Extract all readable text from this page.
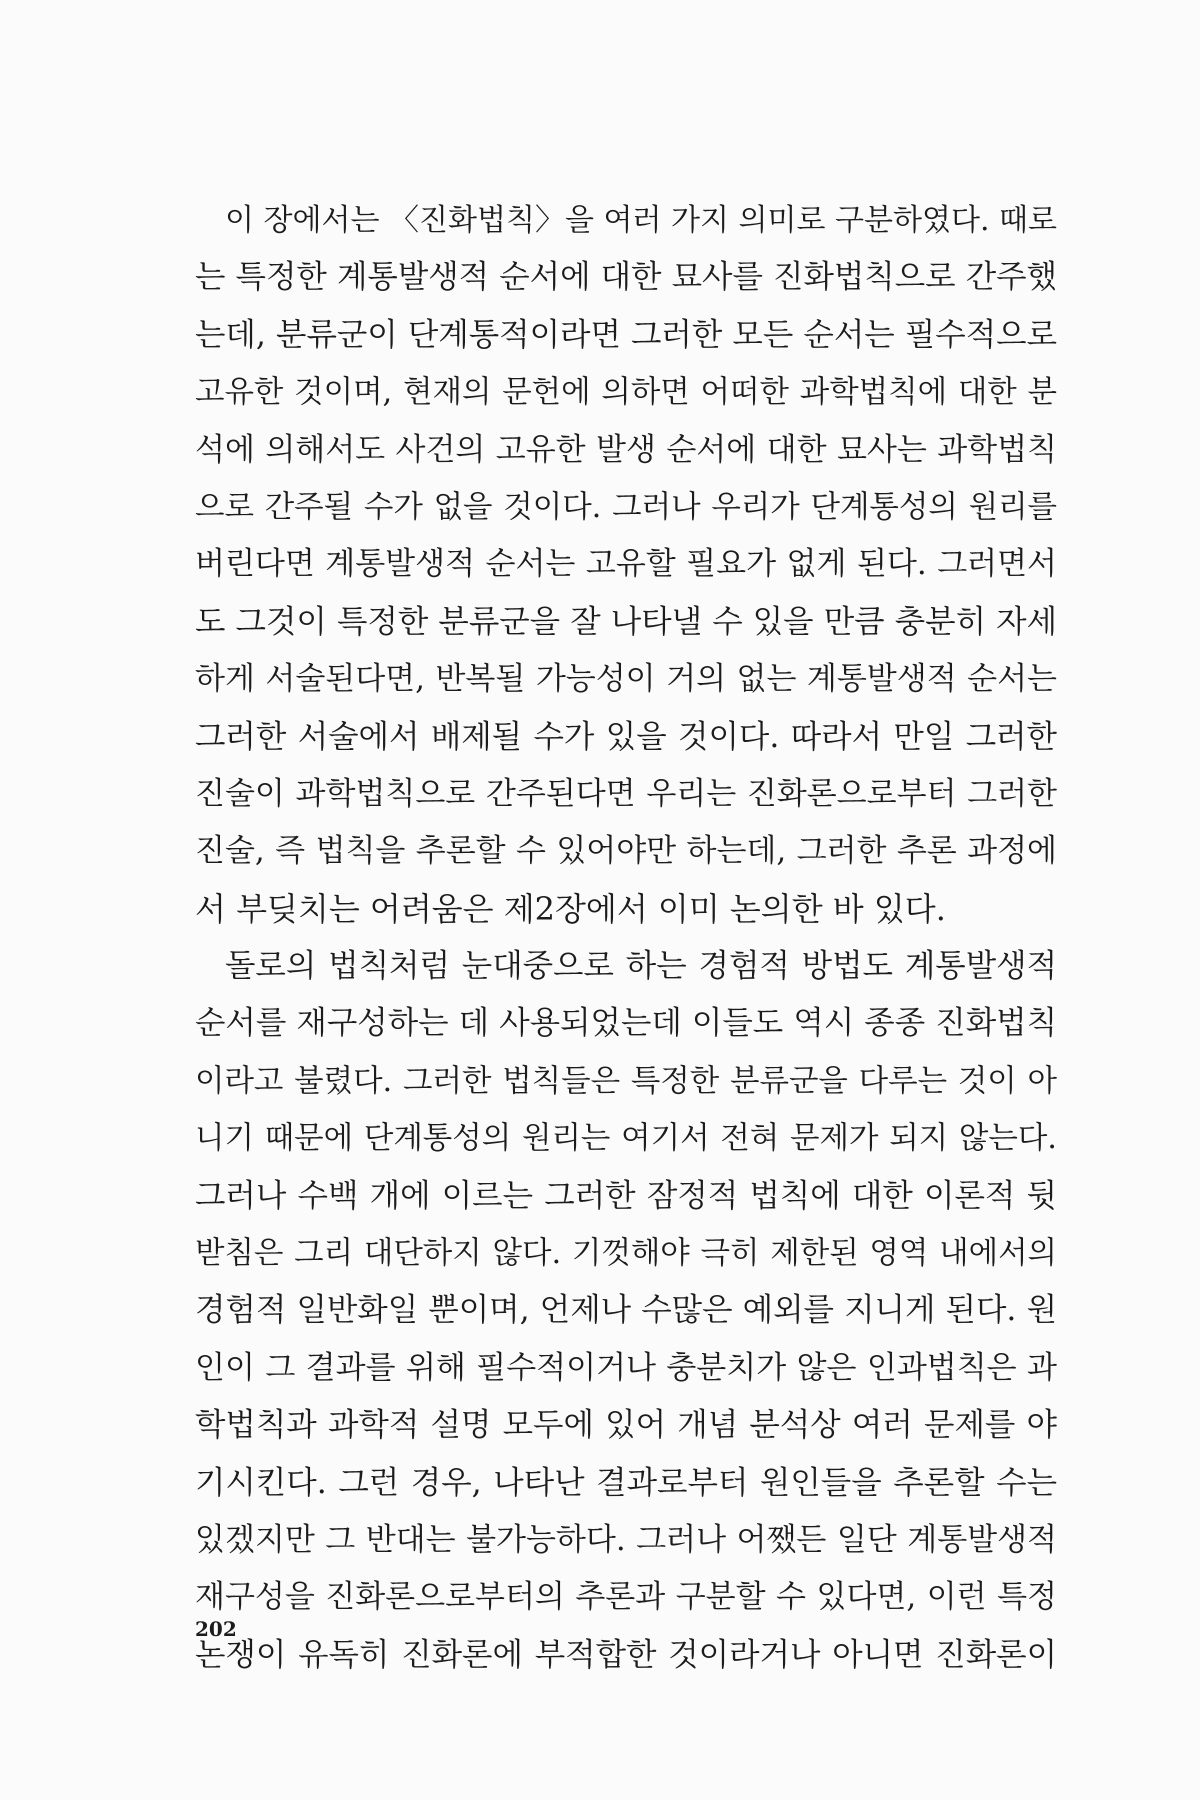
이 장에서는 〈진화법칙〉을 여러 가지 의미로 구분하였다. 때로
는 특정한 계통발생적 순서에 대한 묘사를 진화법칙으로 간주했
는데, 분류군이 단계통적이라면 그러한 모든 순서는 필수적으로
고유한 것이며, 현재의 문헌에 의하면 어떠한 과학법칙에 대한 분
석에 의해서도 사건의 고유한 발생 순서에 대한 묘사는 과학법칙
으로 간주될 수가 없을 것이다. 그러나 우리가 단계통성의 원리를
버린다면 계통발생적 순서는 고유할 필요가 없게 된다. 그러면서
도 그것이 특정한 분류군을 잘 나타낼 수 있을 만큼 충분히 자세
하게 서술된다면, 반복될 가능성이 거의 없는 계통발생적 순서는
그러한 서술에서 배제될 수가 있을 것이다. 따라서 만일 그러한
진술이 과학법칙으로 간주된다면 우리는 진화론으로부터 그러한
진술, 즉 법칙을 추론할 수 있어야만 하는데, 그러한 추론 과정에
서 부딪치는 어려움은 제2장에서 이미 논의한 바 있다.
돌로의 법칙처럼 눈대중으로 하는 경험적 방법도 계통발생적
순서를 재구성하는 데 사용되었는데 이들도 역시 종종 진화법칙
이라고 불렸다. 그러한 법칙들은 특정한 분류군을 다루는 것이 아
니기 때문에 단계통성의 원리는 여기서 전혀 문제가 되지 않는다.
그러나 수백 개에 이르는 그러한 잠정적 법칙에 대한 이론적 뒷
받침은 그리 대단하지 않다. 기껏해야 극히 제한된 영역 내에서의
경험적 일반화일 뿐이며, 언제나 수많은 예외를 지니게 된다. 원
인이 그 결과를 위해 필수적이거나 충분치가 않은 인과법칙은 과
학법칙과 과학적 설명 모두에 있어 개념 분석상 여러 문제를 야
기시킨다. 그런 경우, 나타난 결과로부터 원인들을 추론할 수는
있겠지만 그 반대는 불가능하다. 그러나 어쨌든 일단 계통발생적
재구성을 진화론으로부터의 추론과 구분할 수 있다면, 이런 특정
논쟁이 유독히 진화론에 부적합한 것이라거나 아니면 진화론이
202
